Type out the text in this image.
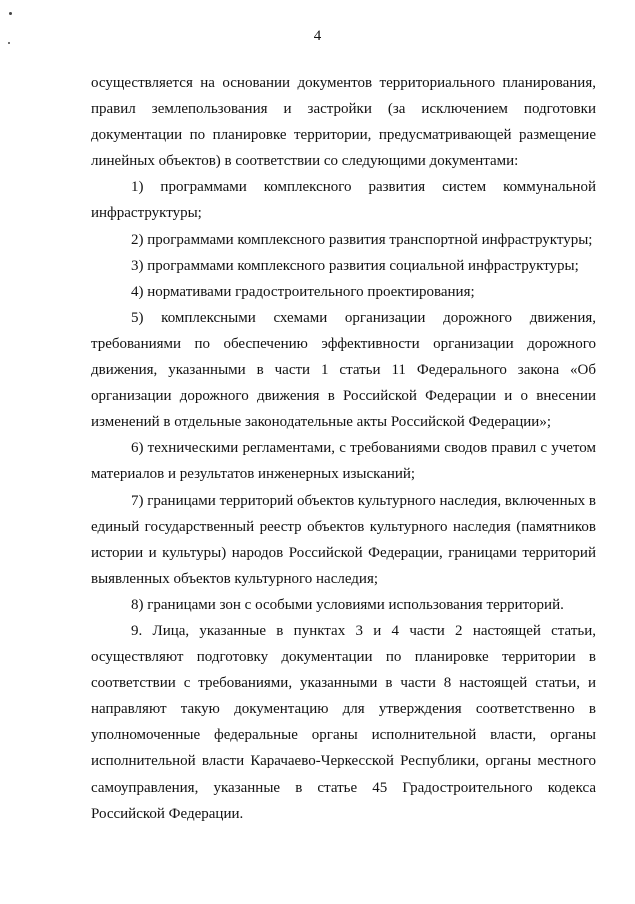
4

осуществляется на основании документов территориального планирования, правил землепользования и застройки (за исключением подготовки документации по планировке территории, предусматривающей размещение линейных объектов) в соответствии со следующими документами:

1) программами комплексного развития систем коммунальной инфраструктуры;

2) программами комплексного развития транспортной инфраструктуры;

3) программами комплексного развития социальной инфраструктуры;

4) нормативами градостроительного проектирования;

5) комплексными схемами организации дорожного движения, требованиями по обеспечению эффективности организации дорожного движения, указанными в части 1 статьи 11 Федерального закона «Об организации дорожного движения в Российской Федерации и о внесении изменений в отдельные законодательные акты Российской Федерации»;

6) техническими регламентами, с требованиями сводов правил с учетом материалов и результатов инженерных изысканий;

7) границами территорий объектов культурного наследия, включенных в единый государственный реестр объектов культурного наследия (памятников истории и культуры) народов Российской Федерации, границами территорий выявленных объектов культурного наследия;

8) границами зон с особыми условиями использования территорий.

9. Лица, указанные в пунктах 3 и 4 части 2 настоящей статьи, осуществляют подготовку документации по планировке территории в соответствии с требованиями, указанными в части 8 настоящей статьи, и направляют такую документацию для утверждения соответственно в уполномоченные федеральные органы исполнительной власти, органы исполнительной власти Карачаево-Черкесской Республики, органы местного самоуправления, указанные в статье 45 Градостроительного кодекса Российской Федерации.
